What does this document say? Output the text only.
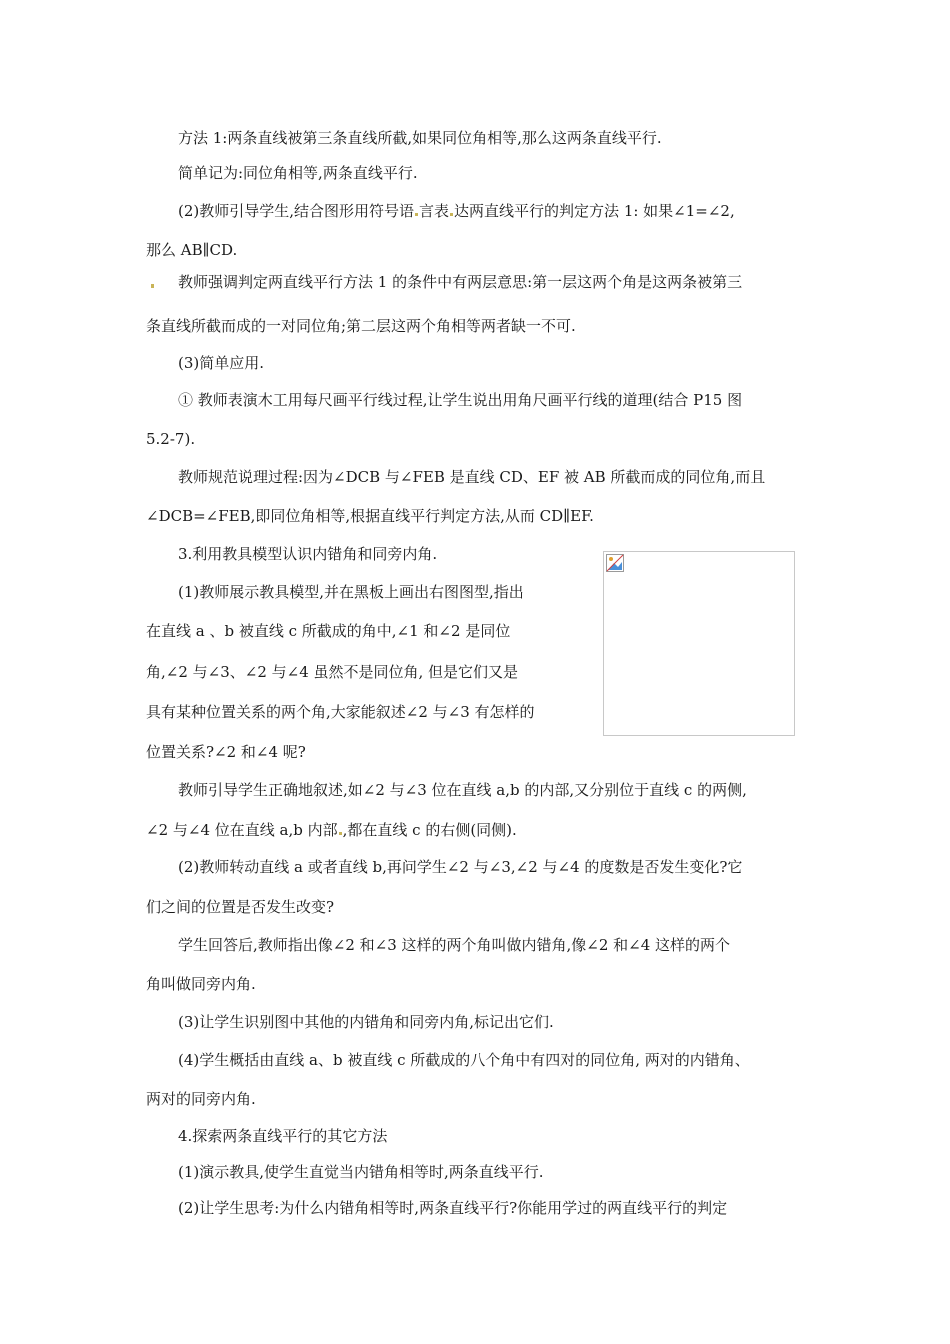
方法 1:两条直线被第三条直线所截,如果同位角相等,那么这两条直线平行.
简单记为:同位角相等,两条直线平行.
(2)教师引导学生,结合图形用符号语 言表 达两直线平行的判定方法 1: 如果∠1=∠2,
那么 AB∥CD.
教师强调判定两直线平行方法 1 的条件中有两层意思:第一层这两个角是这两条被第三
条直线所截而成的一对同位角;第二层这两个角相等两者缺一不可.
(3)简单应用.
① 教师表演木工用每尺画平行线过程,让学生说出用角尺画平行线的道理(结合 P15 图
5.2-7).
教师规范说理过程:因为∠DCB 与∠FEB 是直线 CD、EF 被 AB 所截而成的同位角,而且
∠DCB=∠FEB,即同位角相等,根据直线平行判定方法,从而 CD∥EF.
3.利用教具模型认识内错角和同旁内角.
(1)教师展示教具模型,并在黑板上画出右图图型,指出
在直线 a 、b 被直线 c 所截成的角中,∠1 和∠2 是同位
角,∠2 与∠3、∠2 与∠4 虽然不是同位角, 但是它们又是
具有某种位置关系的两个角,大家能叙述∠2 与∠3 有怎样的
位置关系?∠2 和∠4 呢?
教师引导学生正确地叙述,如∠2 与∠3 位在直线 a,b 的内部,又分别位于直线 c 的两侧,
∠2 与∠4 位在直线 a,b 内部 ,都在直线 c 的右侧(同侧).
(2)教师转动直线 a 或者直线 b,再问学生∠2 与∠3,∠2 与∠4 的度数是否发生变化?它
们之间的位置是否发生改变?
学生回答后,教师指出像∠2 和∠3 这样的两个角叫做内错角,像∠2 和∠4 这样的两个
角叫做同旁内角.
(3)让学生识别图中其他的内错角和同旁内角,标记出它们.
(4)学生概括由直线 a、b 被直线 c 所截成的八个角中有四对的同位角, 两对的内错角、
两对的同旁内角.
4.探索两条直线平行的其它方法
(1)演示教具,使学生直觉当内错角相等时,两条直线平行.
(2)让学生思考:为什么内错角相等时,两条直线平行?你能用学过的两直线平行的判定
